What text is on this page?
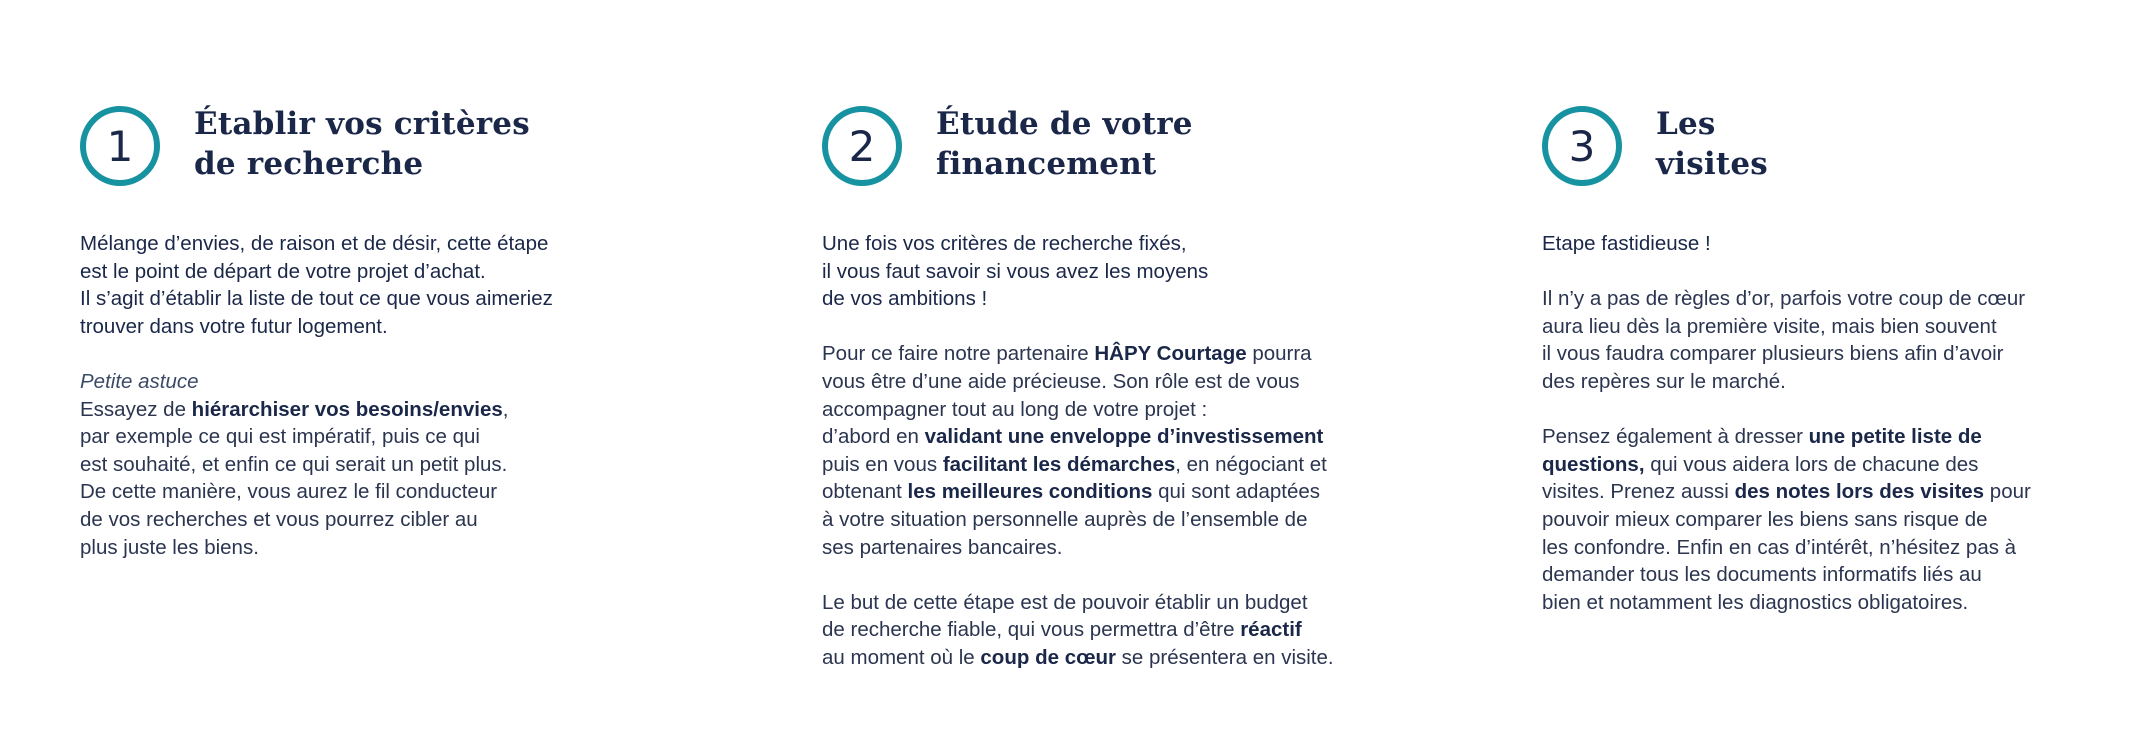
1 Établir vos critères
de recherche

Mélange d’envies, de raison et de désir, cette étape
est le point de départ de votre projet d’achat.
Il s’agit d’établir la liste de tout ce que vous aimeriez
trouver dans votre futur logement.

Petite astuce
Essayez de hiérarchiser vos besoins/envies,
par exemple ce qui est impératif, puis ce qui
est souhaité, et enfin ce qui serait un petit plus.
De cette manière, vous aurez le fil conducteur
de vos recherches et vous pourrez cibler au
plus juste les biens.

2 Étude de votre
financement

Une fois vos critères de recherche fixés,
il vous faut savoir si vous avez les moyens
de vos ambitions !

Pour ce faire notre partenaire HÂPY Courtage pourra
vous être d’une aide précieuse. Son rôle est de vous
accompagner tout au long de votre projet :
d’abord en validant une enveloppe d’investissement
puis en vous facilitant les démarches, en négociant et
obtenant les meilleures conditions qui sont adaptées
à votre situation personnelle auprès de l’ensemble de
ses partenaires bancaires.

Le but de cette étape est de pouvoir établir un budget
de recherche fiable, qui vous permettra d’être réactif
au moment où le coup de cœur se présentera en visite.

3 Les
visites

Etape fastidieuse !

Il n’y a pas de règles d’or, parfois votre coup de cœur
aura lieu dès la première visite, mais bien souvent
il vous faudra comparer plusieurs biens afin d’avoir
des repères sur le marché.

Pensez également à dresser une petite liste de
questions, qui vous aidera lors de chacune des
visites. Prenez aussi des notes lors des visites pour
pouvoir mieux comparer les biens sans risque de
les confondre. Enfin en cas d’intérêt, n’hésitez pas à
demander tous les documents informatifs liés au
bien et notamment les diagnostics obligatoires.
